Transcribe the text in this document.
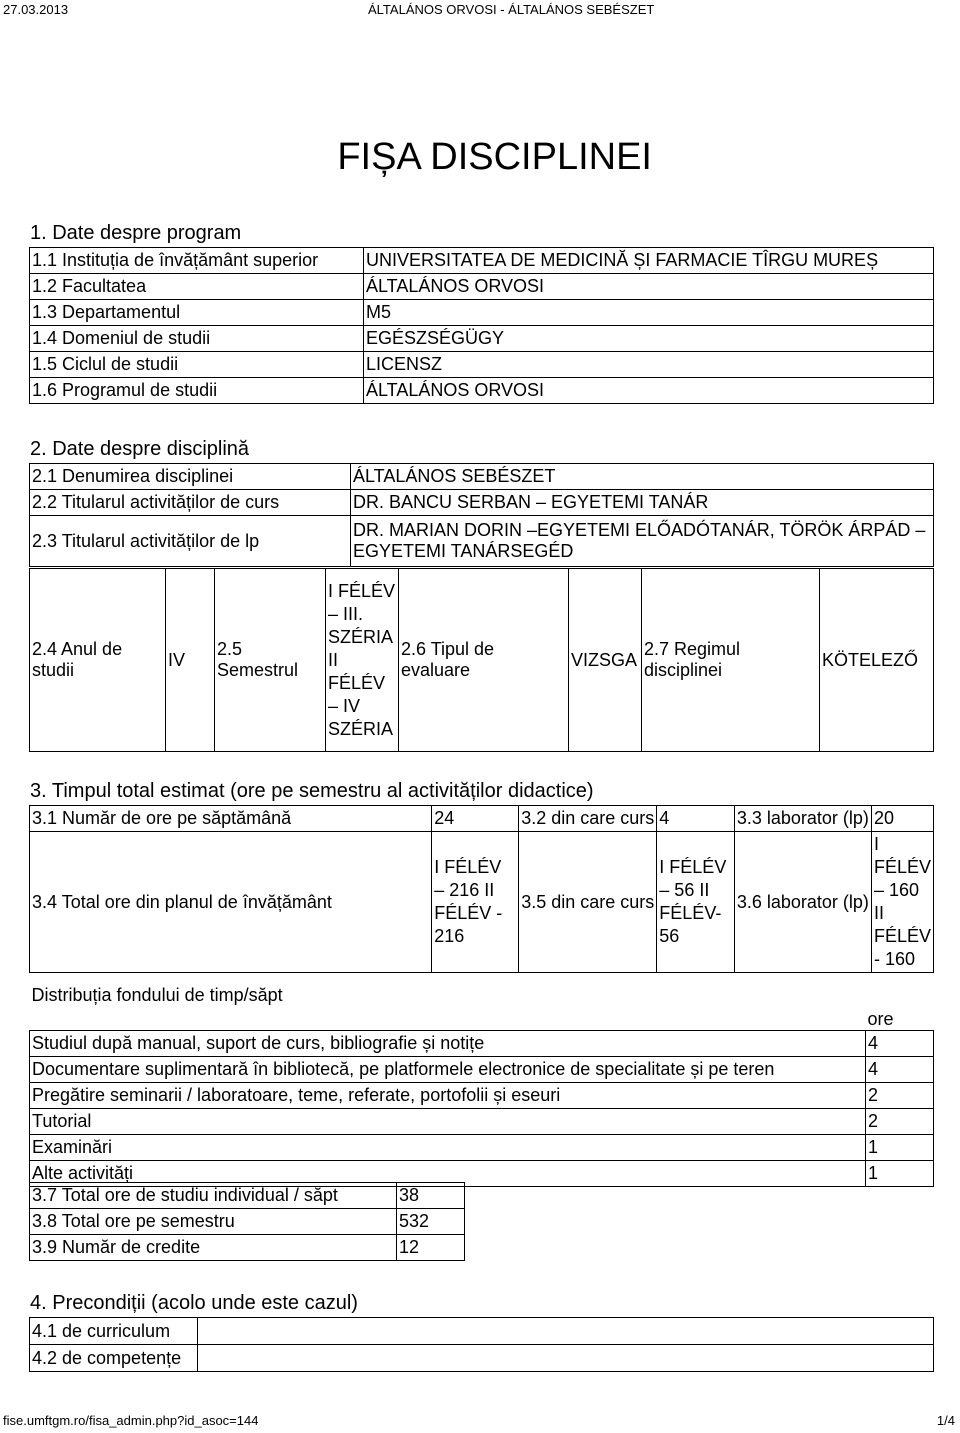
27.03.2013	ÁLTALÁNOS ORVOSI - ÁLTALÁNOS SEBÉSZET
FIȘA DISCIPLINEI
1. Date despre program
1.1 Instituția de învățământ superior	UNIVERSITATEA DE MEDICINĂ ȘI FARMACIE TÎRGU MUREȘ
1.2 Facultatea	ÁLTALÁNOS ORVOSI
1.3 Departamentul	M5
1.4 Domeniul de studii	EGÉSZSÉGÜGY
1.5 Ciclul de studii	LICENSZ
1.6 Programul de studii	ÁLTALÁNOS ORVOSI
2. Date despre disciplină
2.1 Denumirea disciplinei	ÁLTALÁNOS SEBÉSZET
2.2 Titularul activităților de curs	DR. BANCU SERBAN – EGYETEMI TANÁR
2.3 Titularul activităților de lp	DR. MARIAN DORIN –EGYETEMI ELŐADÓTANÁR, TÖRÖK ÁRPÁD – EGYETEMI TANÁRSEGÉD
2.4 Anul de studii	IV	2.5 Semestrul	I FÉLÉV – III. SZÉRIA II FÉLÉV – IV SZÉRIA	2.6 Tipul de evaluare	VIZSGA	2.7 Regimul disciplinei	KÖTELEZŐ
3. Timpul total estimat (ore pe semestru al activităților didactice)
3.1 Număr de ore pe săptămână	24	3.2 din care curs	4	3.3 laborator (lp)	20
3.4 Total ore din planul de învățământ	I FÉLÉV – 216 II FÉLÉV - 216	3.5 din care curs	I FÉLÉV – 56 II FÉLÉV- 56	3.6 laborator (lp)	I FÉLÉV – 160 II FÉLÉV - 160
Distribuția fondului de timp/săpt	ore
Studiul după manual, suport de curs, bibliografie și notițe	4
Documentare suplimentară în bibliotecă, pe platformele electronice de specialitate și pe teren	4
Pregătire seminarii / laboratoare, teme, referate, portofolii și eseuri	2
Tutorial	2
Examinări	1
Alte activități	1
3.7 Total ore de studiu individual / săpt	38
3.8 Total ore pe semestru	532
3.9 Număr de credite	12
4. Precondiții (acolo unde este cazul)
4.1 de curriculum	
4.2 de competențe	
fise.umftgm.ro/fisa_admin.php?id_asoc=144	1/4
